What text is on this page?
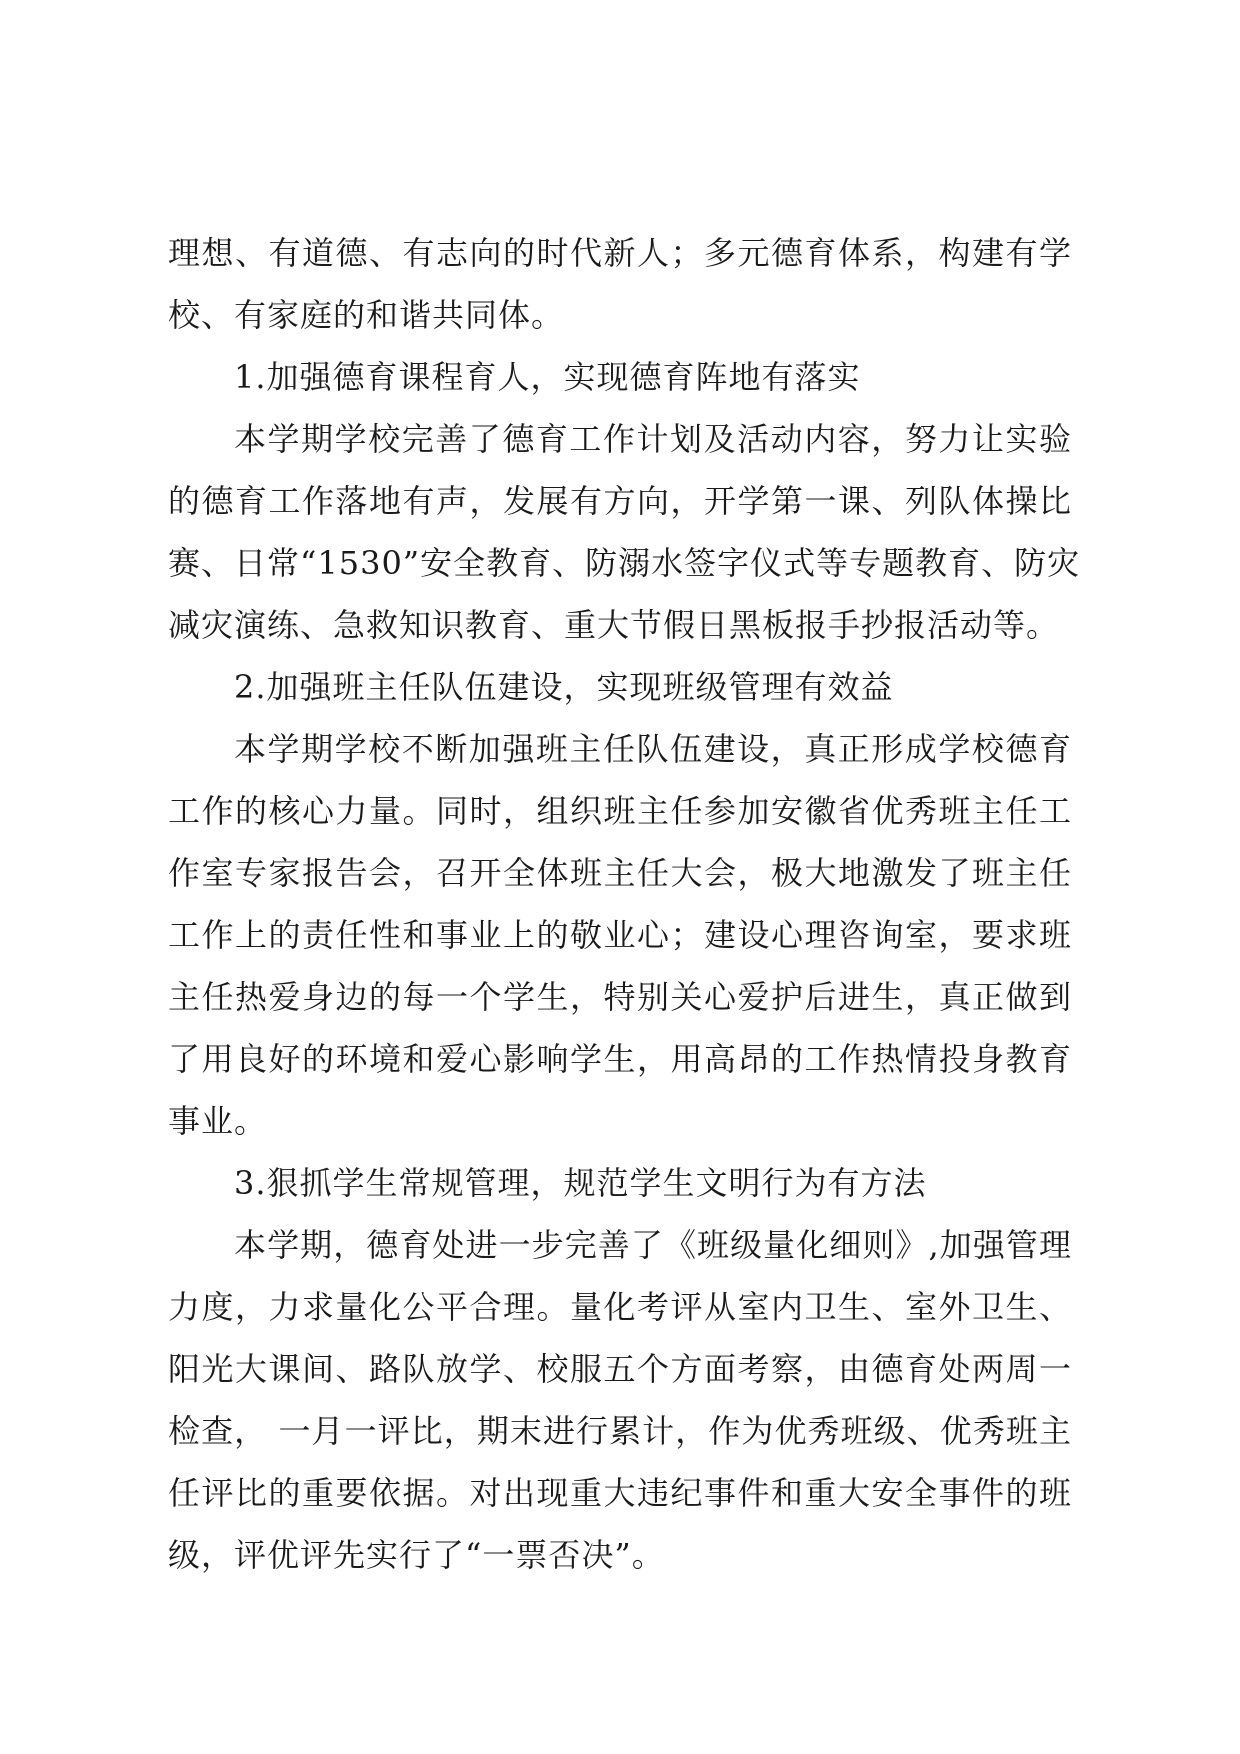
理想、有道德、有志向的时代新人；多元德育体系，构建有学
校、有家庭的和谐共同体。
1.加强德育课程育人，实现德育阵地有落实
本学期学校完善了德育工作计划及活动内容，努力让实验
的德育工作落地有声，发展有方向，开学第一课、列队体操比
赛、日常“1530”安全教育、防溺水签字仪式等专题教育、防灾
减灾演练、急救知识教育、重大节假日黑板报手抄报活动等。
2.加强班主任队伍建设，实现班级管理有效益
本学期学校不断加强班主任队伍建设，真正形成学校德育
工作的核心力量。同时，组织班主任参加安徽省优秀班主任工
作室专家报告会，召开全体班主任大会，极大地激发了班主任
工作上的责任性和事业上的敬业心；建设心理咨询室，要求班
主任热爱身边的每一个学生，特别关心爱护后进生，真正做到
了用良好的环境和爱心影响学生，用高昂的工作热情投身教育
事业。
3.狠抓学生常规管理，规范学生文明行为有方法
本学期，德育处进一步完善了《班级量化细则》,加强管理
力度，力求量化公平合理。量化考评从室内卫生、室外卫生、
阳光大课间、路队放学、校服五个方面考察，由德育处两周一
检查， 一月一评比，期末进行累计，作为优秀班级、优秀班主
任评比的重要依据。对出现重大违纪事件和重大安全事件的班
级，评优评先实行了“一票否决”。
